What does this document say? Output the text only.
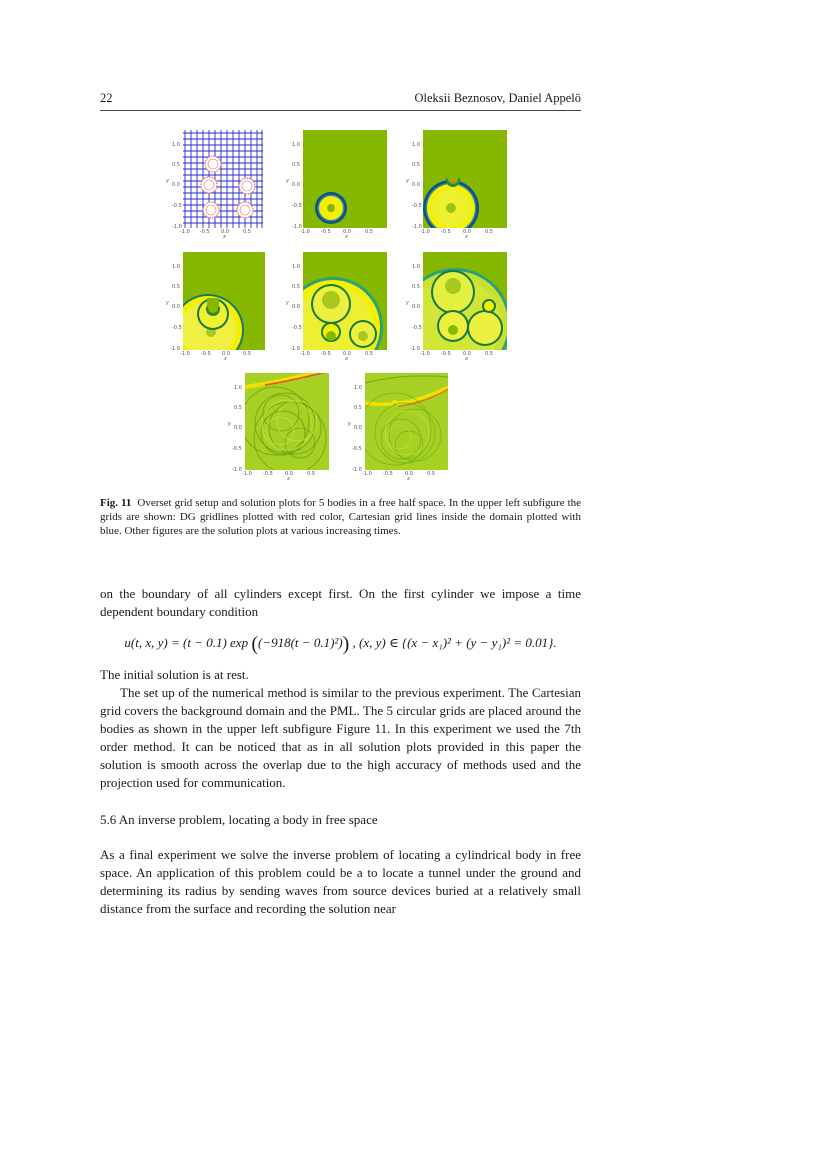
22	Oleksii Beznosov, Daniel Appelö
1.0
0.5
0.0
-0.5
-1.0
y
-1.0 -0.5 0.0	0.5
x
1.0
0.5
0.0
-0.5
-1.0
y
-1.0 -0.5 0.0	0.5
x
1.0
0.5
0.0
-0.5
-1.0
y
-1.0 -0.5 0.0	0.5
x
1.0
0.5
0.0
-0.5
-1.0
y
-1.0 -0.5 0.0	0.5
x
1.0
0.5
0.0
-0.5
-1.0
y
-1.0 -0.5 0.0	0.5
x
1.0
0.5
0.0
-0.5
-1.0
y
-1.0 -0.5 0.0	0.5
x
1.0
0.5
0.0
-0.5
-1.0
y
-1.0 -0.5 0.0	0.5
x
1.0
0.5
0.0
-0.5
-1.0
y
-1.0 -0.5 0.0	0.5
x
Fig. 11 Overset grid setup and solution plots for 5 bodies in a free half space. In the upper left subfigure the grids are shown: DG gridlines plotted with red color, Cartesian grid lines inside the domain plotted with blue. Other figures are the solution plots at various increasing times.
on the boundary of all cylinders except first. On the first cylinder we impose a time dependent boundary condition
u(t, x, y) = (t − 0.1) exp ((−918(t − 0.1)²)) , (x, y) ∈ {(x − x₁)² + (y − y₁)² = 0.01}.
The initial solution is at rest.
The set up of the numerical method is similar to the previous experiment. The Cartesian grid covers the background domain and the PML. The 5 circular grids are placed around the bodies as shown in the upper left subfigure Figure 11. In this experiment we used the 7th order method. It can be noticed that as in all solution plots provided in this paper the solution is smooth across the overlap due to the high accuracy of methods used and the projection used for communication.
5.6 An inverse problem, locating a body in free space
As a final experiment we solve the inverse problem of locating a cylindrical body in free space. An application of this problem could be a to locate a tunnel under the ground and determining its radius by sending waves from source devices buried at a relatively small distance from the surface and recording the solution near
